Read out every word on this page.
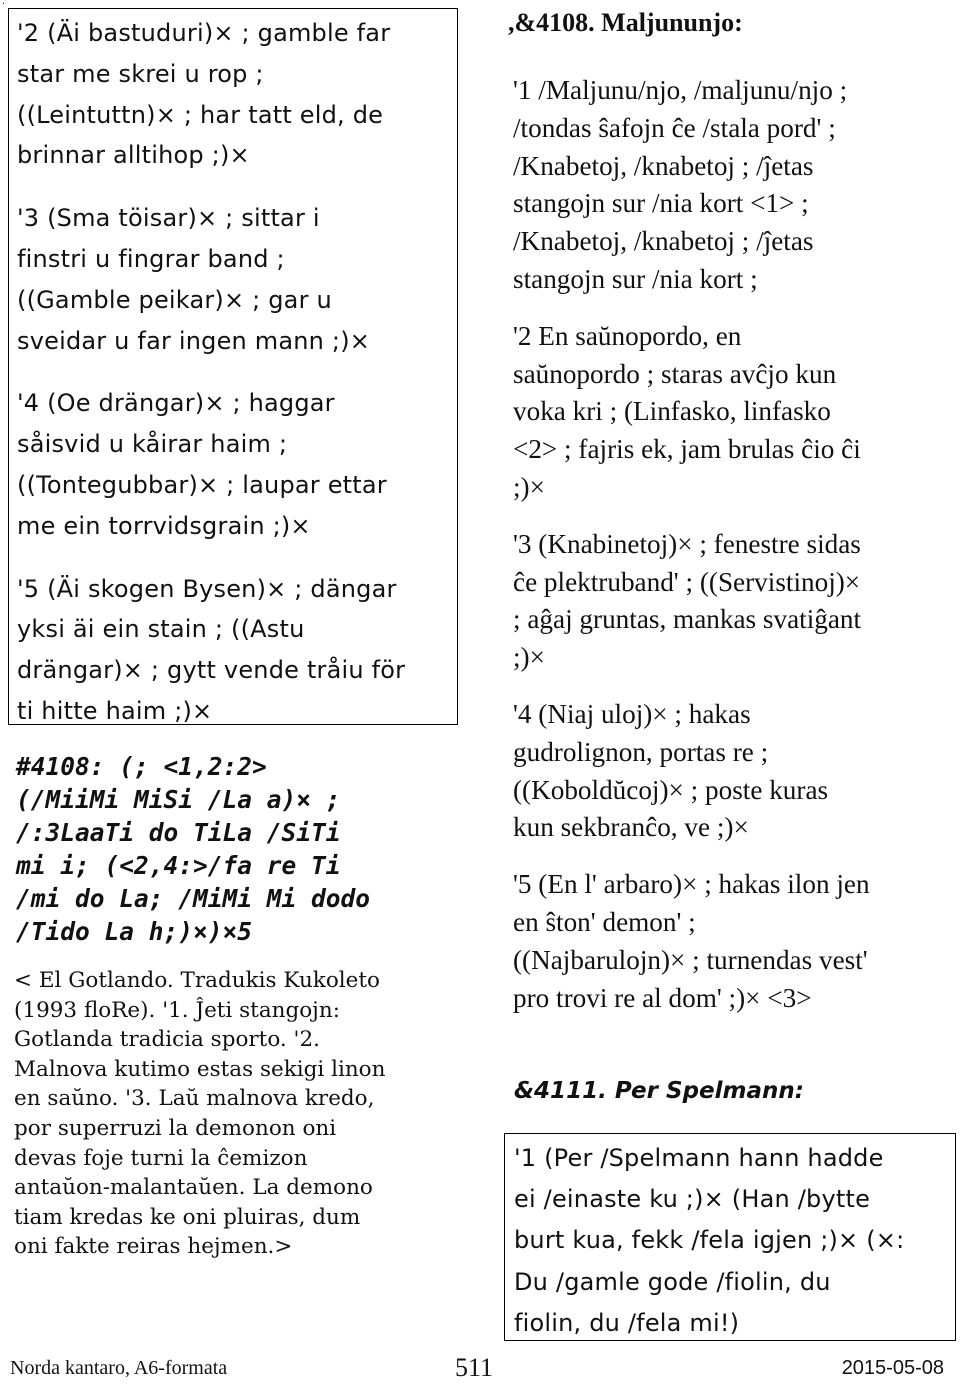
.
'2 (Äi bastuduri)× ; gamble far
star me skrei u rop ;
((Leintuttn)× ; har tatt eld, de
brinnar alltihop ;)×
'3 (Sma töisar)× ; sittar i
finstri u fingrar band ;
((Gamble peikar)× ; gar u
sveidar u far ingen mann ;)×
'4 (Oe drängar)× ; haggar
såisvid u kåirar haim ;
((Tontegubbar)× ; laupar ettar
me ein torrvidsgrain ;)×
'5 (Äi skogen Bysen)× ; dängar
yksi äi ein stain ; ((Astu
drängar)× ; gytt vende tråiu för
ti hitte haim ;)×
#4108: (; <1,2:2>
(/MiiMi MiSi /La a)× ;
/:3LaaTi do TiLa /SiTi
mi i; (<2,4:>/fa re Ti
/mi do La; /MiMi Mi dodo
/Tido La h;)×)×5
< El Gotlando. Tradukis Kukoleto
(1993 floRe). '1. Ĵeti stangojn:
Gotlanda tradicia sporto. '2.
Malnova kutimo estas sekigi linon
en saŭno. '3. Laŭ malnova kredo,
por superruzi la demonon oni
devas foje turni la ĉemizon
antaŭon-malantaŭen. La demono
tiam kredas ke oni pluiras, dum
oni fakte reiras hejmen.>
,&4108. Maljununjo:
'1 /Maljunu/njo, /maljunu/njo ;
/tondas ŝafojn ĉe /stala pord' ;
/Knabetoj, /knabetoj ; /ĵetas
stangojn sur /nia kort <1> ;
/Knabetoj, /knabetoj ; /ĵetas
stangojn sur /nia kort ;
'2 En saŭnopordo, en
saŭnopordo ; staras avĉjo kun
voka kri ; (Linfasko, linfasko
<2> ; fajris ek, jam brulas ĉio ĉi
;)×
'3 (Knabinetoj)× ; fenestre sidas
ĉe plektruband' ; ((Servistinoj)×
; aĝaj gruntas, mankas svatiĝant
;)×
'4 (Niaj uloj)× ; hakas
gudrolignon, portas re ;
((Koboldŭcoj)× ; poste kuras
kun sekbranĉo, ve ;)×
'5 (En l' arbaro)× ; hakas ilon jen
en ŝton' demon' ;
((Najbarulojn)× ; turnendas vest'
pro trovi re al dom' ;)× <3>
&4111. Per Spelmann:
'1 (Per /Spelmann hann hadde
ei /einaste ku ;)× (Han /bytte
burt kua, fekk /fela igjen ;)× (×:
Du /gamle gode /fiolin, du
fiolin, du /fela mi!)
Norda kantaro, A6-formata	511	2015-05-08
